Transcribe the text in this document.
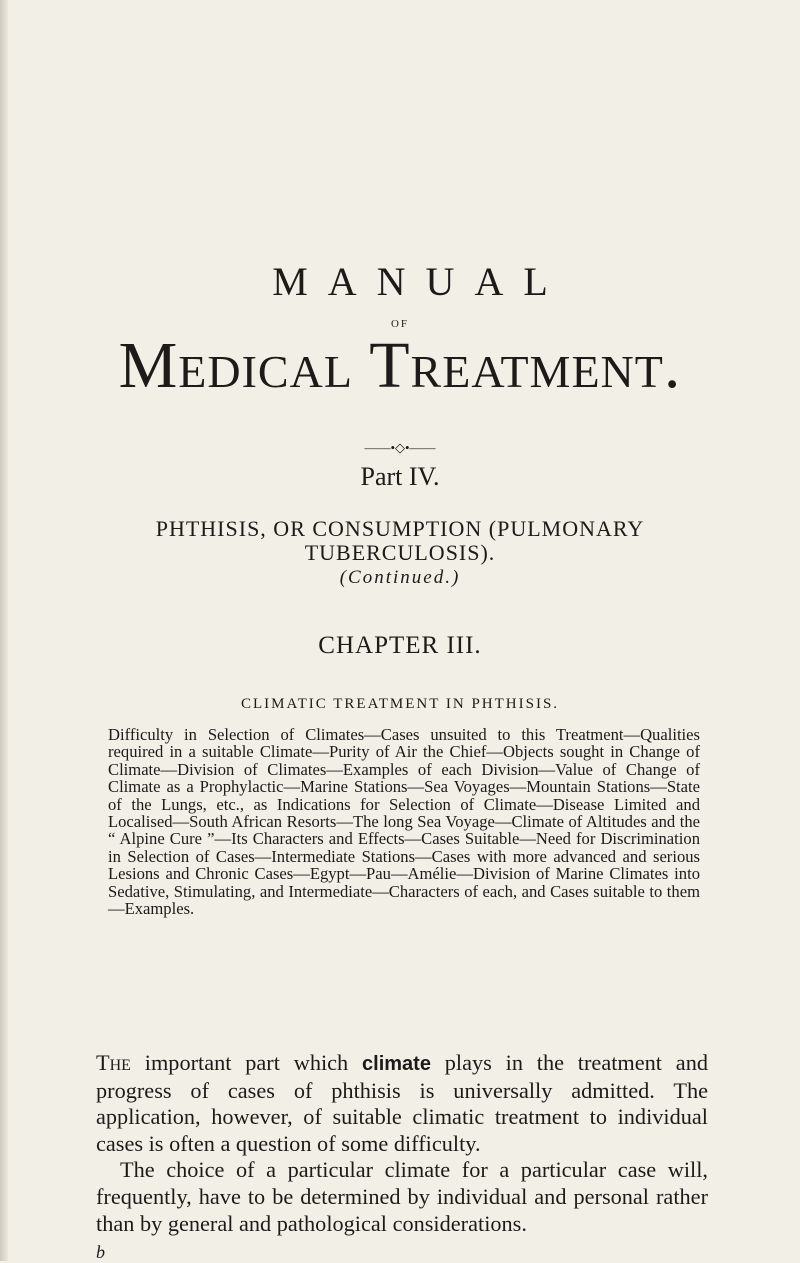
MANUAL
OF
Medical Treatment.
——•◇•——
Part IV.
PHTHISIS, OR CONSUMPTION (PULMONARY
TUBERCULOSIS).
(Continued.)
CHAPTER III.
CLIMATIC TREATMENT IN PHTHISIS.

Difficulty in Selection of Climates—Cases unsuited to this Treatment—Qualities required in a suitable Climate—Purity of Air the Chief—Objects sought in Change of Climate—Division of Climates—Examples of each Division—Value of Change of Climate as a Prophylactic—Marine Stations—Sea Voyages—Mountain Stations—State of the Lungs, etc., as Indications for Selection of Climate—Disease Limited and Localised—South African Resorts—The long Sea Voyage—Climate of Altitudes and the “ Alpine Cure ”—Its Characters and Effects—Cases Suitable—Need for Discrimination in Selection of Cases—Intermediate Stations—Cases with more advanced and serious Lesions and Chronic Cases—Egypt—Pau—Amélie—Division of Marine Climates into Sedative, Stimulating, and Intermediate—Characters of each, and Cases suitable to them—Examples.

The important part which climate plays in the treatment and progress of cases of phthisis is universally admitted. The application, however, of suitable climatic treatment to individual cases is often a question of some difficulty.

The choice of a particular climate for a particular case will, frequently, have to be determined by individual and personal rather than by general and pathological considerations.

b
